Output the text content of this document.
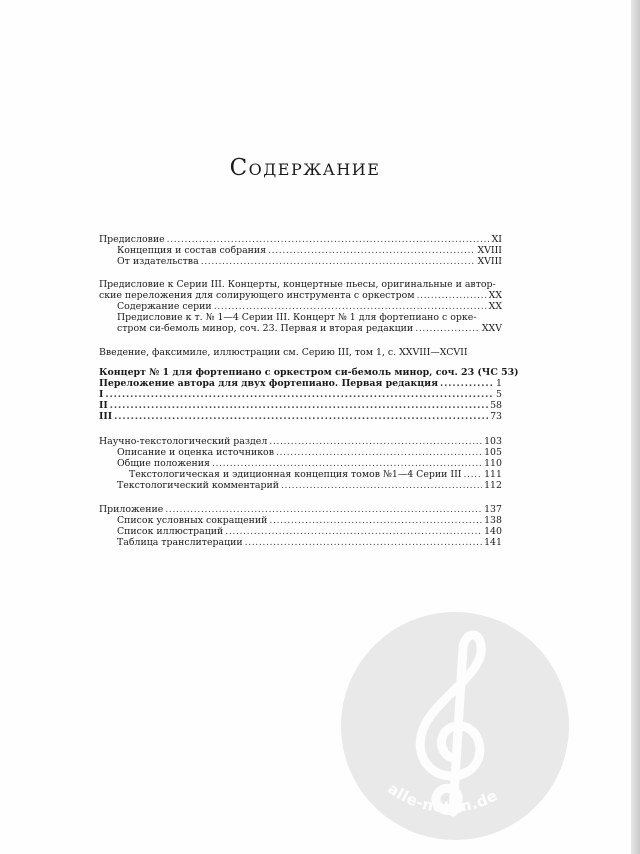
Содержание
Предисловие . . .	XI
Концепция и состав собрания . . .	XVIII
От издательства . . .	XVIII
Предисловие к Серии III. Концерты, концертные пьесы, оригинальные и автор-
ские переложения для солирующего инструмента с оркестром . . .	XX
Содержание серии . . .	XX
Предисловие к т. № 1—4 Серии III. Концерт № 1 для фортепиано с орке-
стром си-бемоль минор, соч. 23. Первая и вторая редакции . . .	XXV
Введение, факсимиле, иллюстрации см. Серию III, том 1, с. XXVIII—XCVII
Концерт № 1 для фортепиано с оркестром си-бемоль минор, соч. 23 (ЧС 53)
Переложение автора для двух фортепиано. Первая редакция . . .	1
I . . .	5
II . . .	58
III . . .	73
Научно-текстологический раздел . . .	103
Описание и оценка источников . . .	105
Общие положения . . .	110
Текстологическая и эдиционная концепция томов №1—4 Серии III . . . 111
Текстологический комментарий . . .	112
Приложение . . .	137
Список условных сокращений . . .	138
Список иллюстраций . . .	140
Таблица транслитерации . . .	141
alle-noten.de
